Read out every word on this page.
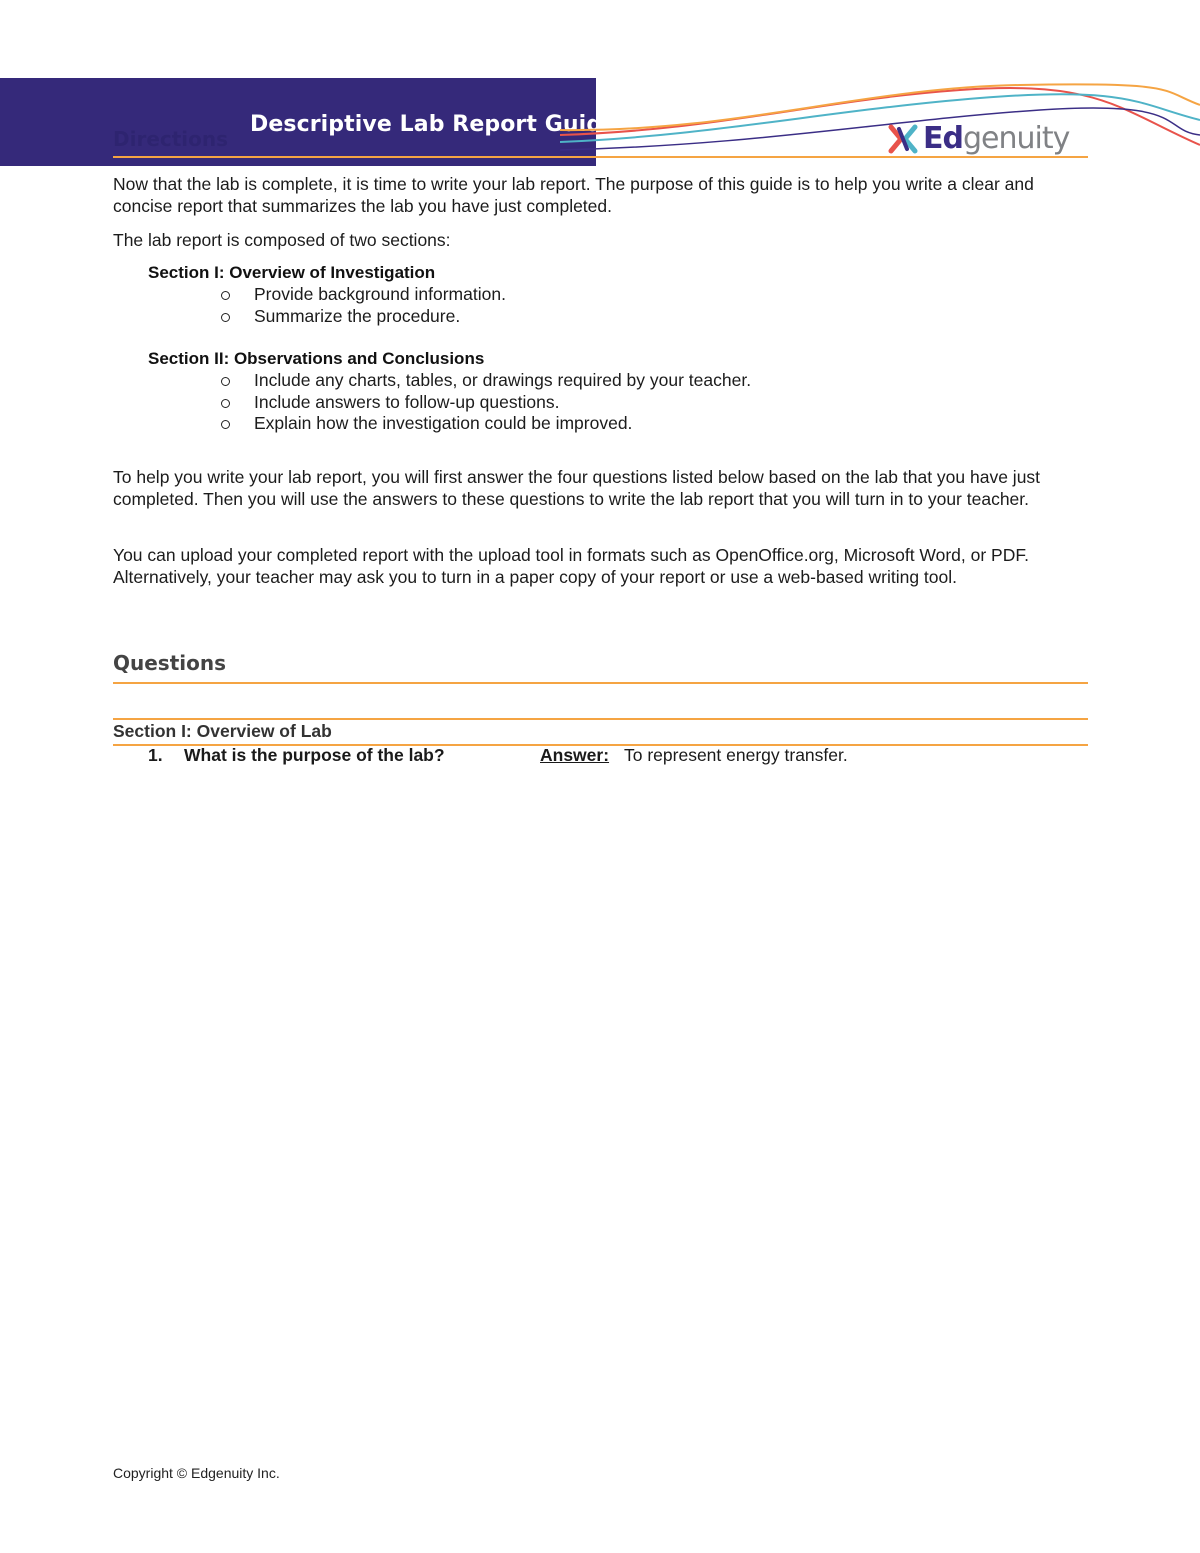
Directions
Descriptive Lab Report Guide	Edgenuity

Now that the lab is complete, it is time to write your lab report. The purpose of this guide is to help you write a clear and concise report that summarizes the lab you have just completed.

The lab report is composed of two sections:

Section I: Overview of Investigation
Provide background information.
Summarize the procedure.
Section II: Observations and Conclusions
Include any charts, tables, or drawings required by your teacher.
Include answers to follow-up questions.
Explain how the investigation could be improved.

To help you write your lab report, you will first answer the four questions listed below based on the lab that you have just completed. Then you will use the answers to these questions to write the lab report that you will turn in to your teacher.

You can upload your completed report with the upload tool in formats such as OpenOffice.org, Microsoft Word, or PDF. Alternatively, your teacher may ask you to turn in a paper copy of your report or use a web-based writing tool.

Questions
Section I: Overview of Lab
1. What is the purpose of the lab?	Answer: To represent energy transfer.
Copyright © Edgenuity Inc.
